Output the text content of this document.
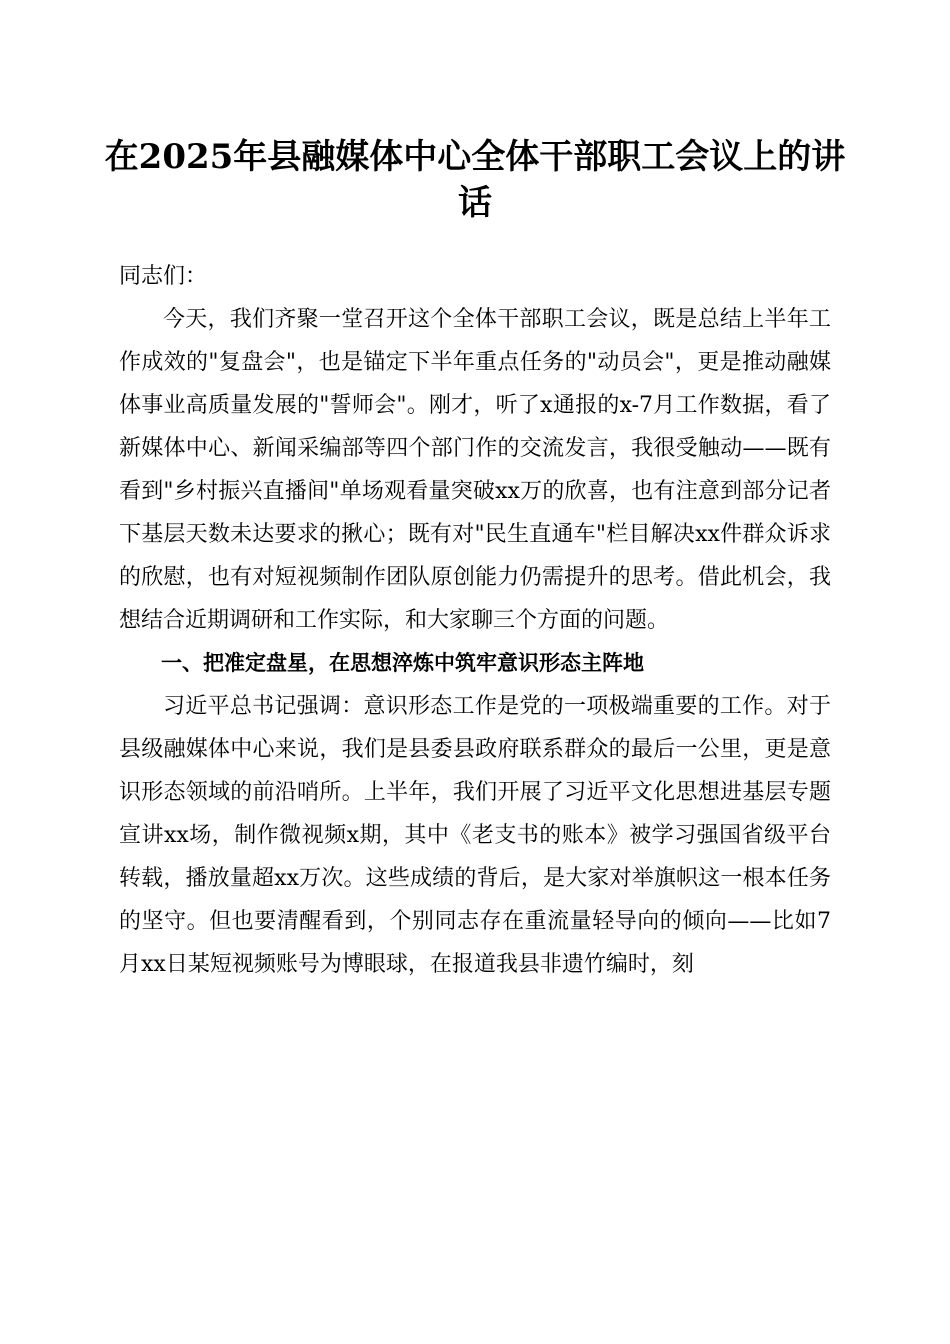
在2025年县融媒体中心全体干部职工会议上的讲话

同志们：

今天，我们齐聚一堂召开这个全体干部职工会议，既是总结上半年工作成效的"复盘会"，也是锚定下半年重点任务的"动员会"，更是推动融媒体事业高质量发展的"誓师会"。刚才，听了x通报的x-7月工作数据，看了新媒体中心、新闻采编部等四个部门作的交流发言，我很受触动——既有看到"乡村振兴直播间"单场观看量突破xx万的欣喜，也有注意到部分记者下基层天数未达要求的揪心；既有对"民生直通车"栏目解决xx件群众诉求的欣慰，也有对短视频制作团队原创能力仍需提升的思考。借此机会，我想结合近期调研和工作实际，和大家聊三个方面的问题。

一、把准定盘星，在思想淬炼中筑牢意识形态主阵地

习近平总书记强调：意识形态工作是党的一项极端重要的工作。对于县级融媒体中心来说，我们是县委县政府联系群众的最后一公里，更是意识形态领域的前沿哨所。上半年，我们开展了习近平文化思想进基层专题宣讲xx场，制作微视频x期，其中《老支书的账本》被学习强国省级平台转载，播放量超xx万次。这些成绩的背后，是大家对举旗帜这一根本任务的坚守。但也要清醒看到，个别同志存在重流量轻导向的倾向——比如7月xx日某短视频账号为博眼球，在报道我县非遗竹编时，刻
